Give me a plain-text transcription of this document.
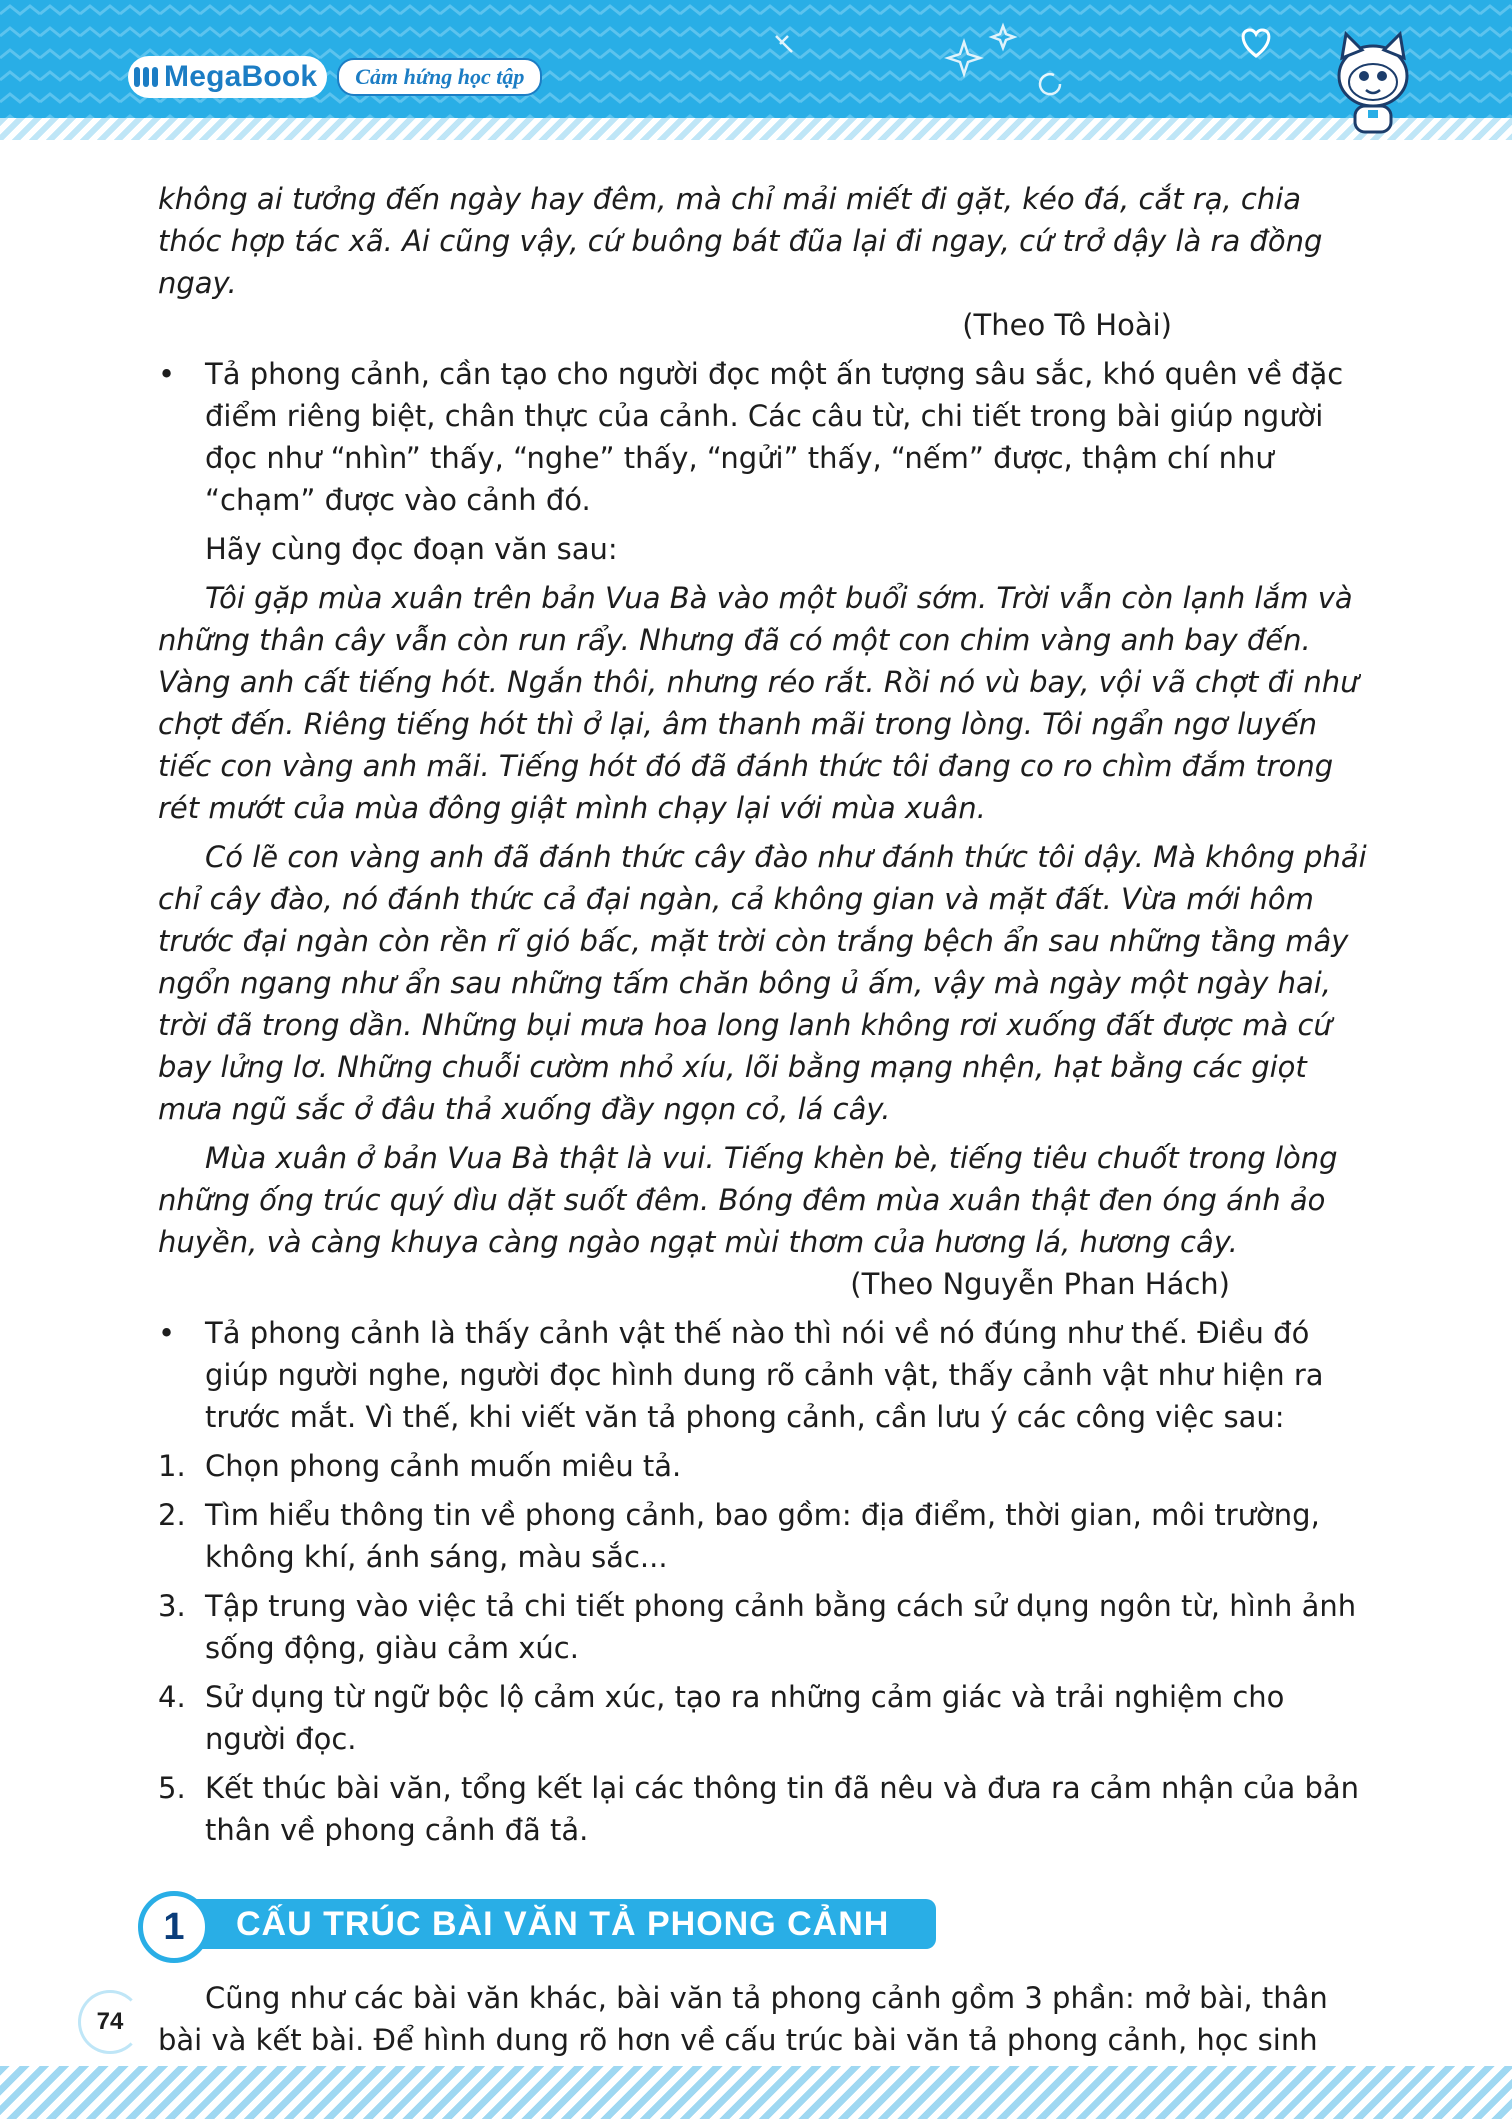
MegaBook	Cảm hứng học tập

không ai tưởng đến ngày hay đêm, mà chỉ mải miết đi gặt, kéo đá, cắt rạ, chia thóc hợp tác xã. Ai cũng vậy, cứ buông bát đũa lại đi ngay, cứ trở dậy là ra đồng ngay.

(Theo Tô Hoài)

• Tả phong cảnh, cần tạo cho người đọc một ấn tượng sâu sắc, khó quên về đặc điểm riêng biệt, chân thực của cảnh. Các câu từ, chi tiết trong bài giúp người đọc như “nhìn” thấy, “nghe” thấy, “ngửi” thấy, “nếm” được, thậm chí như “chạm” được vào cảnh đó.

Hãy cùng đọc đoạn văn sau:

Tôi gặp mùa xuân trên bản Vua Bà vào một buổi sớm. Trời vẫn còn lạnh lắm và những thân cây vẫn còn run rẩy. Nhưng đã có một con chim vàng anh bay đến. Vàng anh cất tiếng hót. Ngắn thôi, nhưng réo rắt. Rồi nó vù bay, vội vã chợt đi như chợt đến. Riêng tiếng hót thì ở lại, âm thanh mãi trong lòng. Tôi ngẩn ngơ luyến tiếc con vàng anh mãi. Tiếng hót đó đã đánh thức tôi đang co ro chìm đắm trong rét mướt của mùa đông giật mình chạy lại với mùa xuân.

Có lẽ con vàng anh đã đánh thức cây đào như đánh thức tôi dậy. Mà không phải chỉ cây đào, nó đánh thức cả đại ngàn, cả không gian và mặt đất. Vừa mới hôm trước đại ngàn còn rền rĩ gió bấc, mặt trời còn trắng bệch ẩn sau những tầng mây ngổn ngang như ẩn sau những tấm chăn bông ủ ấm, vậy mà ngày một ngày hai, trời đã trong dần. Những bụi mưa hoa long lanh không rơi xuống đất được mà cứ bay lửng lơ. Những chuỗi cườm nhỏ xíu, lõi bằng mạng nhện, hạt bằng các giọt mưa ngũ sắc ở đâu thả xuống đầy ngọn cỏ, lá cây.

Mùa xuân ở bản Vua Bà thật là vui. Tiếng khèn bè, tiếng tiêu chuốt trong lòng những ống trúc quý dìu dặt suốt đêm. Bóng đêm mùa xuân thật đen óng ánh ảo huyền, và càng khuya càng ngào ngạt mùi thơm của hương lá, hương cây.

(Theo Nguyễn Phan Hách)

• Tả phong cảnh là thấy cảnh vật thế nào thì nói về nó đúng như thế. Điều đó giúp người nghe, người đọc hình dung rõ cảnh vật, thấy cảnh vật như hiện ra trước mắt. Vì thế, khi viết văn tả phong cảnh, cần lưu ý các công việc sau:

1. Chọn phong cảnh muốn miêu tả.

2. Tìm hiểu thông tin về phong cảnh, bao gồm: địa điểm, thời gian, môi trường, không khí, ánh sáng, màu sắc...

3. Tập trung vào việc tả chi tiết phong cảnh bằng cách sử dụng ngôn từ, hình ảnh sống động, giàu cảm xúc.

4. Sử dụng từ ngữ bộc lộ cảm xúc, tạo ra những cảm giác và trải nghiệm cho người đọc.

5. Kết thúc bài văn, tổng kết lại các thông tin đã nêu và đưa ra cảm nhận của bản thân về phong cảnh đã tả.

1	CẤU TRÚC BÀI VĂN TẢ PHONG CẢNH

Cũng như các bài văn khác, bài văn tả phong cảnh gồm 3 phần: mở bài, thân bài và kết bài. Để hình dung rõ hơn về cấu trúc bài văn tả phong cảnh, học sinh

74
